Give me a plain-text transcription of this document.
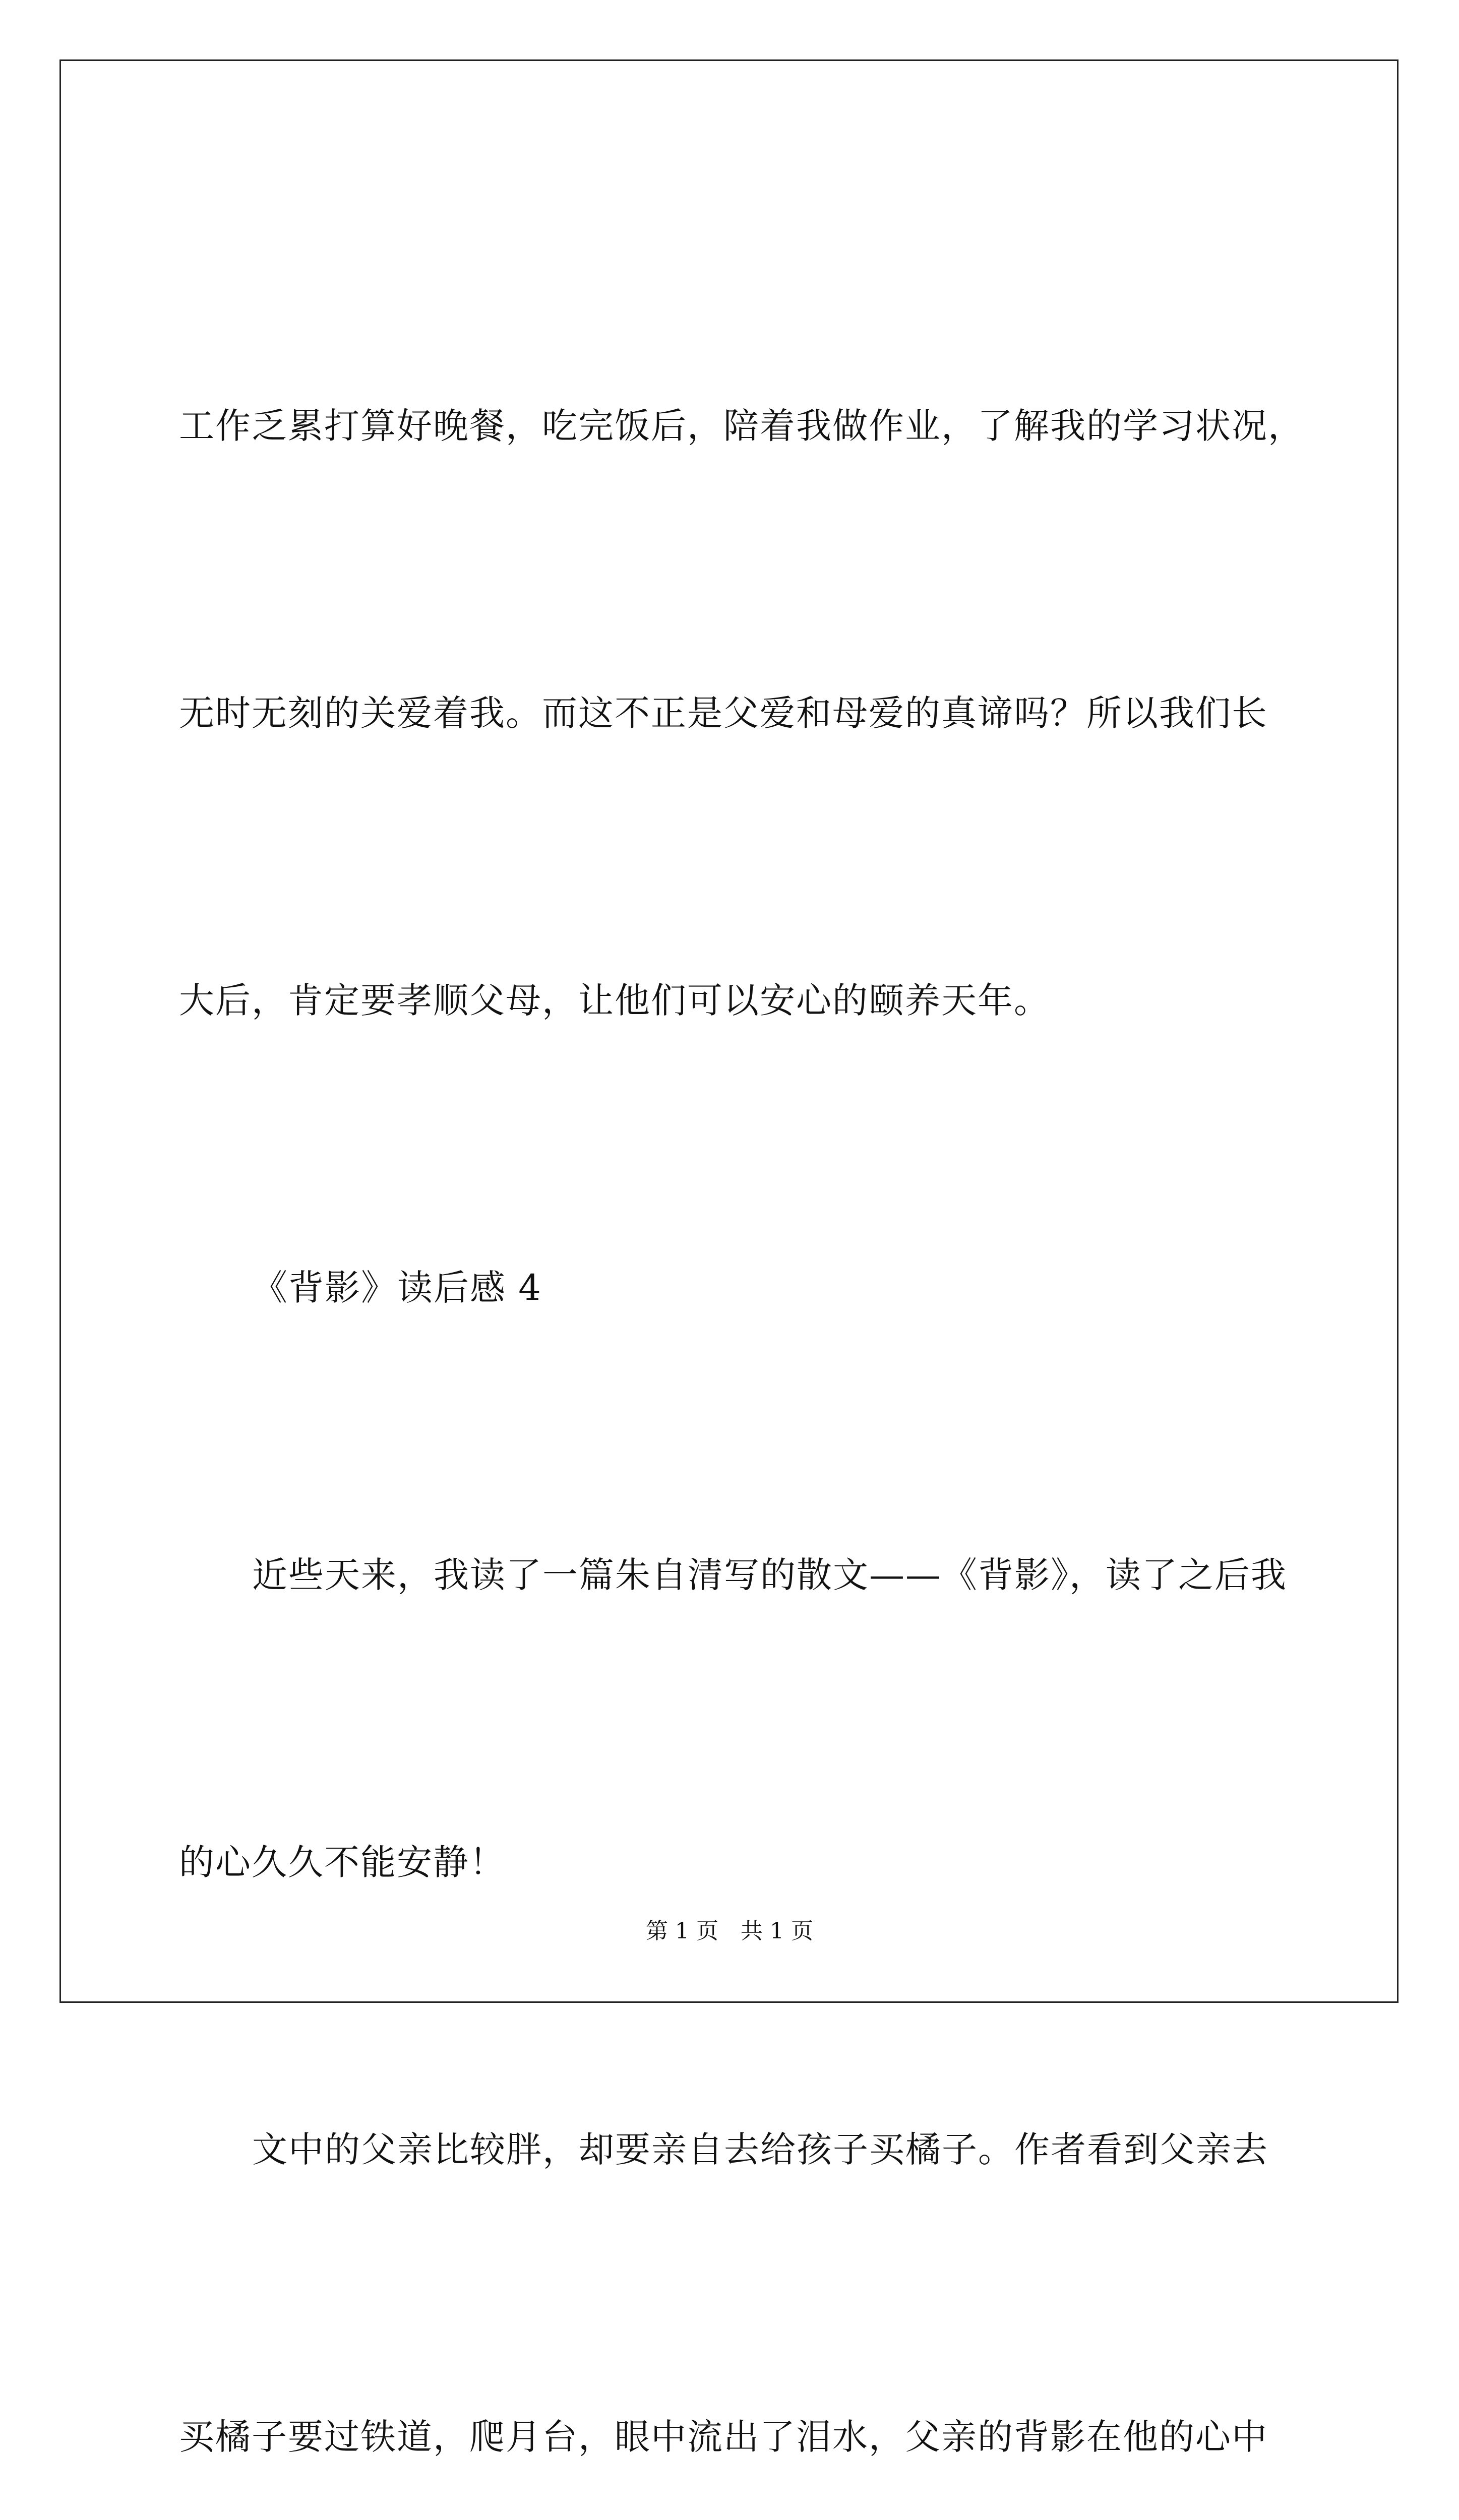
工作乏累打算好晚餐，吃完饭后，陪着我做作业，了解我的学习状况，

无时无刻的关爱着我。而这不正是父爱和母爱的真谛吗？所以我们长

大后，肯定要孝顺父母，让他们可以安心的颐养天年。

《背影》读后感 4

近些天来，我读了一篇朱自清写的散文——《背影》，读了之后我

的心久久不能安静！

文中的父亲比较胖，却要亲自去给孩子买橘子。作者看到父亲去

买橘子要过铁道，爬月台，眼中流出了泪水，父亲的背影在他的心中

第 1 页　共 1 页
